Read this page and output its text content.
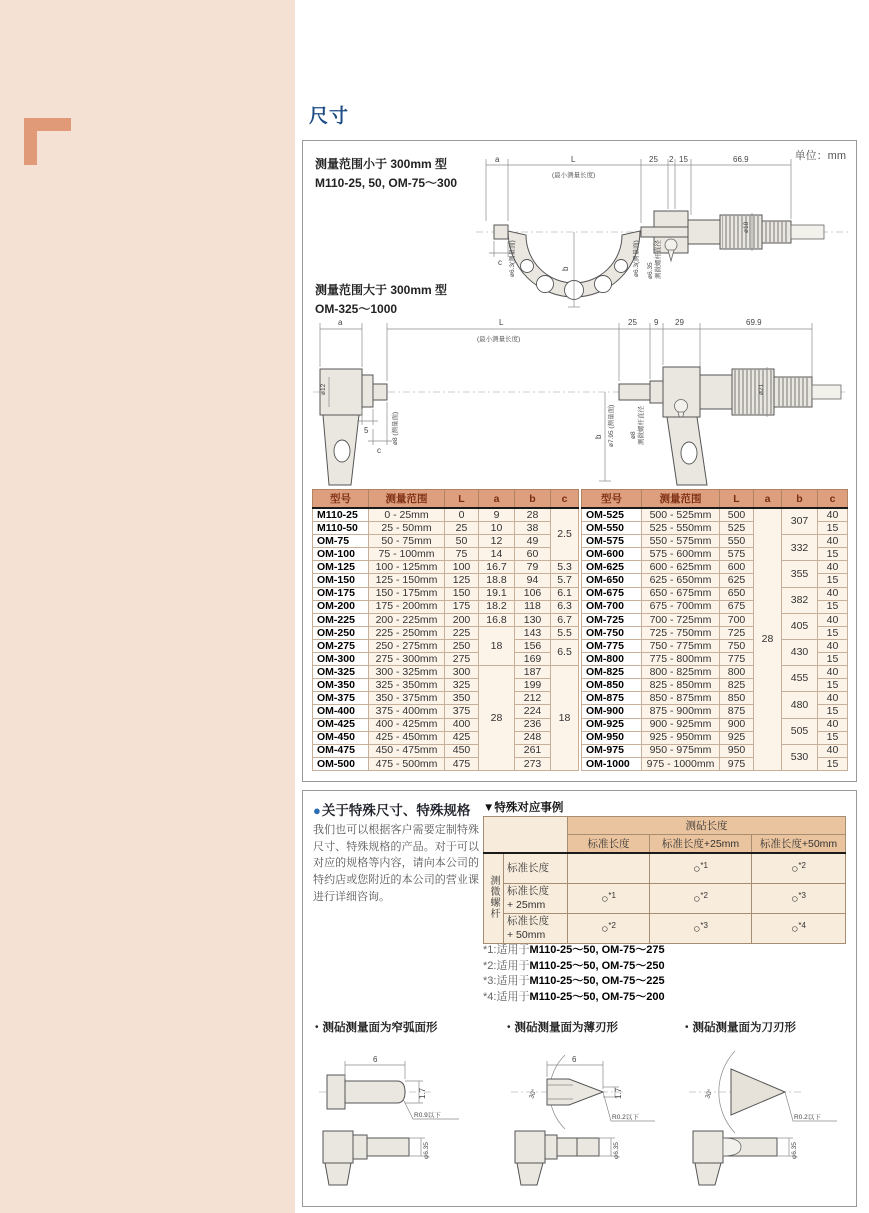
尺寸
单位：mm
测量范围小于 300mm 型
M110-25, 50, OM-75～300
测量范围大于 300mm 型
OM-325～1000
a	L
(最小测量长度)
25 2 15	66.9
b
ø18
ø6.3(测量面)	ø6.3(测量面) ø6.35 测微螺杆直径
c
a	L
(最小测量长度)
25 9 29	69.9
ø12
5
c
ø8 (测量面)	b
ø21
ø7.95 (测量面) ø8 测微螺杆直径
型号	测量范围	L	a	b	c
M110-25	0 - 25mm	0	9	28	2.5
M110-50	25 - 50mm	25	10	38	
OM-75	50 - 75mm	50	12	49	
OM-100	75 - 100mm	75	14	60	
OM-125	100 - 125mm	100	16.7	79	5.3
OM-150	125 - 150mm	125	18.8	94	5.7
OM-175	150 - 175mm	150	19.1	106	6.1
OM-200	175 - 200mm	175	18.2	118	6.3
OM-225	200 - 225mm	200	16.8	130	6.7
OM-250	225 - 250mm	225	18	143	5.5
OM-275	250 - 275mm	250		156	6.5
OM-300	275 - 300mm	275		169	
OM-325	300 - 325mm	300	28	187	18
OM-350	325 - 350mm	325		199	
OM-375	350 - 375mm	350		212	
OM-400	375 - 400mm	375		224	
OM-425	400 - 425mm	400		236	
OM-450	425 - 450mm	425		248	
OM-475	450 - 475mm	450		261	
OM-500	475 - 500mm	475		273	
型号	测量范围	L	a	b	c
OM-525	500 - 525mm	500	28	307	40
OM-550	525 - 550mm	525			15
OM-575	550 - 575mm	550		332	40
OM-600	575 - 600mm	575			15
OM-625	600 - 625mm	600		355	40
OM-650	625 - 650mm	625			15
OM-675	650 - 675mm	650		382	40
OM-700	675 - 700mm	675			15
OM-725	700 - 725mm	700		405	40
OM-750	725 - 750mm	725			15
OM-775	750 - 775mm	750		430	40
OM-800	775 - 800mm	775			15
OM-825	800 - 825mm	800		455	40
OM-850	825 - 850mm	825			15
OM-875	850 - 875mm	850		480	40
OM-900	875 - 900mm	875			15
OM-925	900 - 925mm	900		505	40
OM-950	925 - 950mm	925			15
OM-975	950 - 975mm	950		530	40
OM-1000	975 - 1000mm	975			15
●关于特殊尺寸、特殊规格
我们也可以根据客户需要定制特殊尺寸、特殊规格的产品。对于可以对应的规格等内容，请向本公司的特约店或您附近的本公司的营业课进行详细咨询。
▼特殊对应事例
		测砧长度		
		标准长度	标准长度+25mm	标准长度+50mm
测微螺杆	标准长度		○$^{*1}$	○$^{*2}$

	标准长度
+ 25mm	○$^{*1}$	○$^{*2}$	○$^{*3}$

	标准长度
+ 50mm	○$^{*2}$	○$^{*3}$	○$^{*4}$
*1:适用于M110-25～50, OM-75～275
*2:适用于M110-25～50, OM-75～250
*3:适用于M110-25～50, OM-75～225
*4:适用于M110-25～50, OM-75～200
・测砧测量面为窄弧面形
6
1.7
R0.9以下
φ6.35
・测砧测量面为薄刃形
6
1.7
30°
R0.2以下
φ6.35
・测砧测量面为刀刃形
30°
R0.2以下
φ6.35
